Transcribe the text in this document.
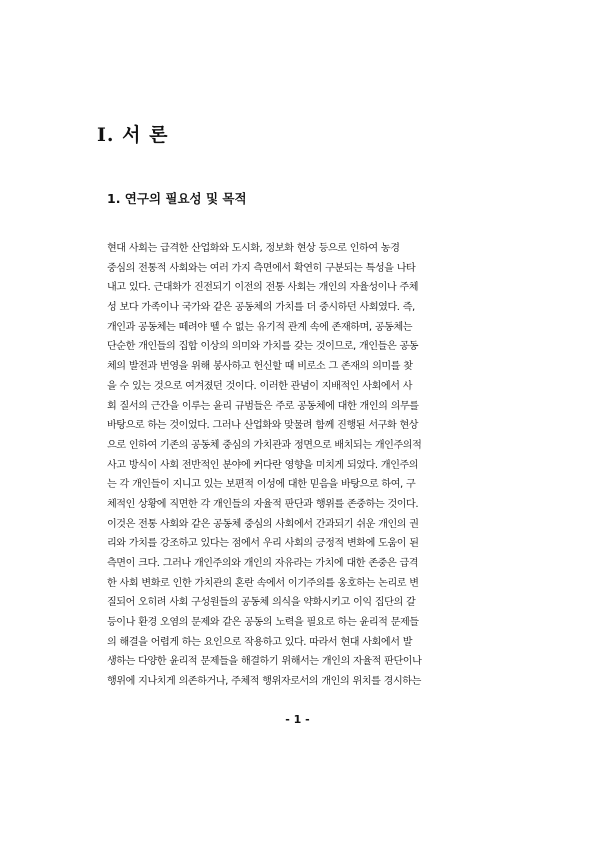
Ⅰ. 서 론
1. 연구의 필요성 및 목적
현대 사회는 급격한 산업화와 도시화, 정보화 현상 등으로 인하여 농경
중심의 전통적 사회와는 여러 가지 측면에서 확연히 구분되는 특성을 나타
내고 있다. 근대화가 진전되기 이전의 전통 사회는 개인의 자율성이나 주체
성 보다 가족이나 국가와 같은 공동체의 가치를 더 중시하던 사회였다. 즉,
개인과 공동체는 떼려야 뗄 수 없는 유기적 관계 속에 존재하며, 공동체는
단순한 개인들의 집합 이상의 의미와 가치를 갖는 것이므로, 개인들은 공동
체의 발전과 번영을 위해 봉사하고 헌신할 때 비로소 그 존재의 의미를 찾
을 수 있는 것으로 여겨졌던 것이다. 이러한 관념이 지배적인 사회에서 사
회 질서의 근간을 이루는 윤리 규범들은 주로 공동체에 대한 개인의 의무를
바탕으로 하는 것이었다. 그러나 산업화와 맞물려 함께 진행된 서구화 현상
으로 인하여 기존의 공동체 중심의 가치관과 정면으로 배치되는 개인주의적
사고 방식이 사회 전반적인 분야에 커다란 영향을 미치게 되었다. 개인주의
는 각 개인들이 지니고 있는 보편적 이성에 대한 믿음을 바탕으로 하여, 구
체적인 상황에 직면한 각 개인들의 자율적 판단과 행위를 존중하는 것이다.
이것은 전통 사회와 같은 공동체 중심의 사회에서 간과되기 쉬운 개인의 권
리와 가치를 강조하고 있다는 점에서 우리 사회의 긍정적 변화에 도움이 된
측면이 크다. 그러나 개인주의와 개인의 자유라는 가치에 대한 존중은 급격
한 사회 변화로 인한 가치관의 혼란 속에서 이기주의를 옹호하는 논리로 변
질되어 오히려 사회 구성원들의 공동체 의식을 약화시키고 이익 집단의 갈
등이나 환경 오염의 문제와 같은 공동의 노력을 필요로 하는 윤리적 문제들
의 해결을 어렵게 하는 요인으로 작용하고 있다. 따라서 현대 사회에서 발
생하는 다양한 윤리적 문제들을 해결하기 위해서는 개인의 자율적 판단이나
행위에 지나치게 의존하거나, 주체적 행위자로서의 개인의 위치를 경시하는
- 1 -
